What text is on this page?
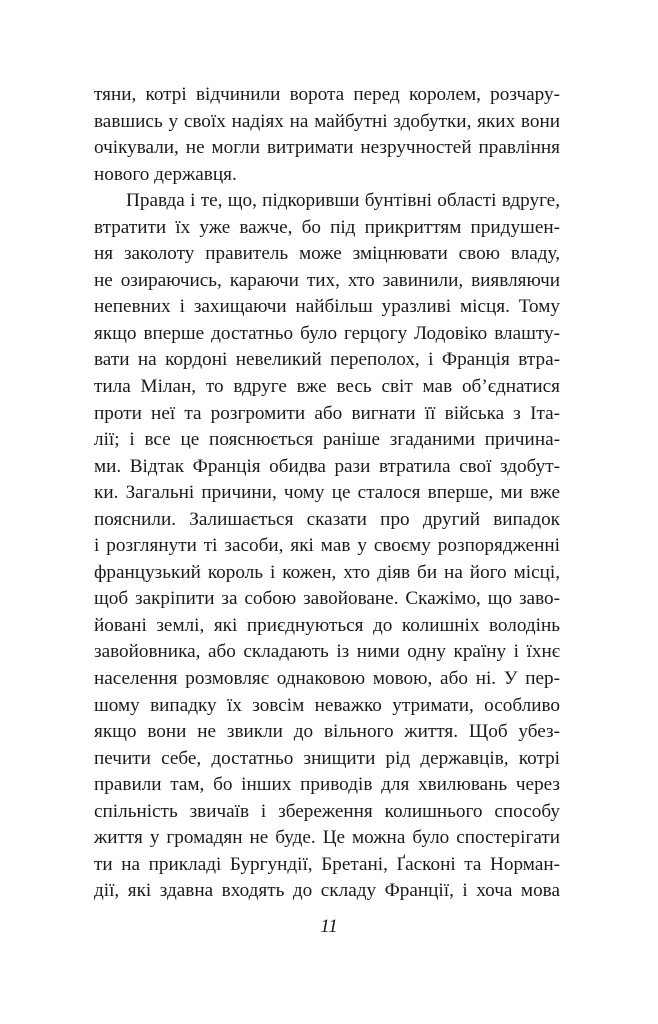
тяни, котрі відчинили ворота перед королем, розчару-
вавшись у своїх надіях на майбутні здобутки, яких вони
очікували, не могли витримати незручностей правління
нового державця.
Правда і те, що, підкоривши бунтівні області вдруге,
втратити їх уже важче, бо під прикриттям придушен-
ня заколоту правитель може зміцнювати свою владу,
не озираючись, караючи тих, хто завинили, виявляючи
непевних і захищаючи найбільш уразливі місця. Тому
якщо вперше достатньо було герцогу Лодовіко влашту-
вати на кордоні невеликий переполох, і Франція втра-
тила Мілан, то вдруге вже весь світ мав об’єднатися
проти неї та розгромити або вигнати її війська з Іта-
лії; і все це пояснюється раніше згаданими причина-
ми. Відтак Франція обидва рази втратила свої здобут-
ки. Загальні причини, чому це сталося вперше, ми вже
пояснили. Залишається сказати про другий випадок
і розглянути ті засоби, які мав у своєму розпорядженні
французький король і кожен, хто діяв би на його місці,
щоб закріпити за собою завойоване. Скажімо, що заво-
йовані землі, які приєднуються до колишніх володінь
завойовника, або складають із ними одну країну і їхнє
населення розмовляє однаковою мовою, або ні. У пер-
шому випадку їх зовсім неважко утримати, особливо
якщо вони не звикли до вільного життя. Щоб убез-
печити себе, достатньо знищити рід державців, котрі
правили там, бо інших приводів для хвилювань через
спільність звичаїв і збереження колишнього способу
життя у громадян не буде. Це можна було спостерігати
ти на прикладі Бургундії, Бретані, Ґасконі та Норман-
дії, які здавна входять до складу Франції, і хоча мова
11
